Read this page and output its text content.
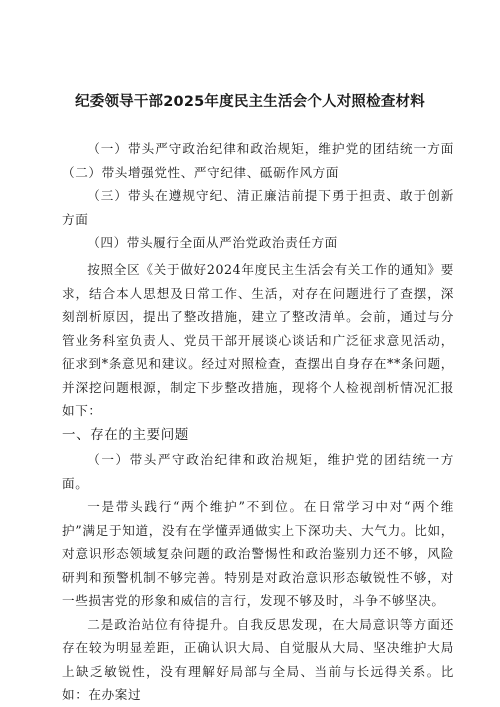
纪委领导干部2025年度民主生活会个人对照检查材料

（一）带头严守政治纪律和政治规矩，维护党的团结统一方面（二）带头增强党性、严守纪律、砥砺作风方面

（三）带头在遵规守纪、清正廉洁前提下勇于担责、敢于创新方面

（四）带头履行全面从严治党政治责任方面

按照全区《关于做好2024年度民主生活会有关工作的通知》要求，结合本人思想及日常工作、生活，对存在问题进行了查摆，深刻剖析原因，提出了整改措施，建立了整改清单。会前，通过与分管业务科室负责人、党员干部开展谈心谈话和广泛征求意见活动，征求到*条意见和建议。经过对照检查，查摆出自身存在**条问题，并深挖问题根源，制定下步整改措施，现将个人检视剖析情况汇报如下：

一、存在的主要问题

（一）带头严守政治纪律和政治规矩，维护党的团结统一方面。

一是带头践行“两个维护”不到位。在日常学习中对“两个维护”满足于知道，没有在学懂弄通做实上下深功夫、大气力。比如，对意识形态领域复杂问题的政治警惕性和政治鉴别力还不够，风险研判和预警机制不够完善。特别是对政治意识形态敏锐性不够，对一些损害党的形象和威信的言行，发现不够及时，斗争不够坚决。

二是政治站位有待提升。自我反思发现，在大局意识等方面还存在较为明显差距，正确认识大局、自觉服从大局、坚决维护大局上缺乏敏锐性，没有理解好局部与全局、当前与长远得关系。比如：在办案过
